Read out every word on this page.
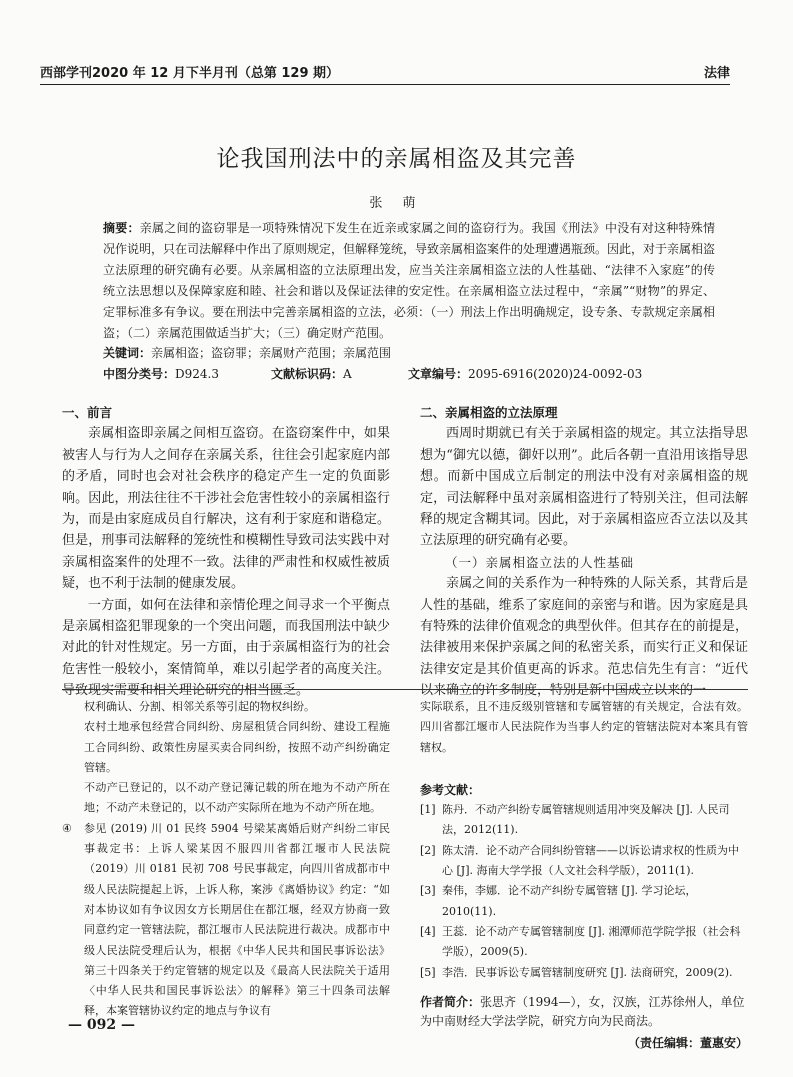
西部学刊2020 年 12 月下半月刊（总第 129 期）	法律
论我国刑法中的亲属相盗及其完善
张 萌
摘要：亲属之间的盗窃罪是一项特殊情况下发生在近亲或家属之间的盗窃行为。我国《刑法》中没有对这种特殊情况作说明，只在司法解释中作出了原则规定，但解释笼统，导致亲属相盗案件的处理遭遇瓶颈。因此，对于亲属相盗立法原理的研究确有必要。从亲属相盗的立法原理出发，应当关注亲属相盗立法的人性基础、“法律不入家庭”的传统立法思想以及保障家庭和睦、社会和谐以及保证法律的安定性。在亲属相盗立法过程中，“亲属”“财物”的界定、定罪标准多有争议。要在刑法中完善亲属相盗的立法，必须：（一）刑法上作出明确规定，设专条、专款规定亲属相盗；（二）亲属范围做适当扩大；（三）确定财产范围。
关键词：亲属相盗；盗窃罪；亲属财产范围；亲属范围
中图分类号：D924.3	文献标识码：A	文章编号：2095-6916(2020)24-0092-03
一、前言

亲属相盗即亲属之间相互盗窃。在盗窃案件中，如果被害人与行为人之间存在亲属关系，往往会引起家庭内部的矛盾，同时也会对社会秩序的稳定产生一定的负面影响。因此，刑法往往不干涉社会危害性较小的亲属相盗行为，而是由家庭成员自行解决，这有利于家庭和谐稳定。但是，刑事司法解释的笼统性和模糊性导致司法实践中对亲属相盗案件的处理不一致。法律的严肃性和权威性被质疑，也不利于法制的健康发展。

一方面，如何在法律和亲情伦理之间寻求一个平衡点是亲属相盗犯罪现象的一个突出问题，而我国刑法中缺少对此的针对性规定。另一方面，由于亲属相盗行为的社会危害性一般较小，案情简单，难以引起学者的高度关注。导致现实需要和相关理论研究的相当匮乏。

二、亲属相盗的立法原理

西周时期就已有关于亲属相盗的规定。其立法指导思想为“御宄以德，御奸以刑”。此后各朝一直沿用该指导思想。而新中国成立后制定的刑法中没有对亲属相盗的规定，司法解释中虽对亲属相盗进行了特别关注，但司法解释的规定含糊其词。因此，对于亲属相盗应否立法以及其立法原理的研究确有必要。

（一）亲属相盗立法的人性基础

亲属之间的关系作为一种特殊的人际关系，其背后是人性的基础，维系了家庭间的亲密与和谐。因为家庭是具有特殊的法律价值观念的典型伙伴。但其存在的前提是，法律被用来保护亲属之间的私密关系，而实行正义和保证法律安定是其价值更高的诉求。范忠信先生有言：“近代以来确立的许多制度，特别是新中国成立以来的一

权利确认、分割、相邻关系等引起的物权纠纷。
农村土地承包经营合同纠纷、房屋租赁合同纠纷、建设工程施工合同纠纷、政策性房屋买卖合同纠纷，按照不动产纠纷确定管辖。
不动产已登记的，以不动产登记簿记载的所在地为不动产所在地；不动产未登记的，以不动产实际所在地为不动产所在地。
④ 参见 (2019) 川 01 民终 5904 号梁某离婚后财产纠纷二审民事裁定书：上诉人梁某因不服四川省都江堰市人民法院（2019）川 0181 民初 708 号民事裁定，向四川省成都市中级人民法院提起上诉，上诉人称，案涉《离婚协议》约定：“如对本协议如有争议因女方长期居住在都江堰，经双方协商一致同意约定一管辖法院，都江堰市人民法院进行裁决。成都市中级人民法院受理后认为，根据《中华人民共和国民事诉讼法》第三十四条关于约定管辖的规定以及《最高人民法院关于适用〈中华人民共和国民事诉讼法〉的解释》第三十四条司法解释，本案管辖协议约定的地点与争议有
实际联系，且不违反级别管辖和专属管辖的有关规定，合法有效。四川省都江堰市人民法院作为当事人约定的管辖法院对本案具有管辖权。
参考文献：
[1] 陈丹．不动产纠纷专属管辖规则适用冲突及解决 [J]. 人民司法，2012(11).
[2] 陈太清．论不动产合同纠纷管辖——以诉讼请求权的性质为中心 [J]. 海南大学学报（人文社会科学版），2011(1).
[3] 秦伟，李娜．论不动产纠纷专属管辖 [J]. 学习论坛，2010(11).
[4] 王蕊．论不动产专属管辖制度 [J]. 湘潭师范学院学报（社会科学版），2009(5).
[5] 李浩．民事诉讼专属管辖制度研究 [J]. 法商研究，2009(2).
作者简介：张思齐（1994—），女，汉族，江苏徐州人，单位为中南财经大学法学院，研究方向为民商法。
（责任编辑：董惠安）
— 092 —
